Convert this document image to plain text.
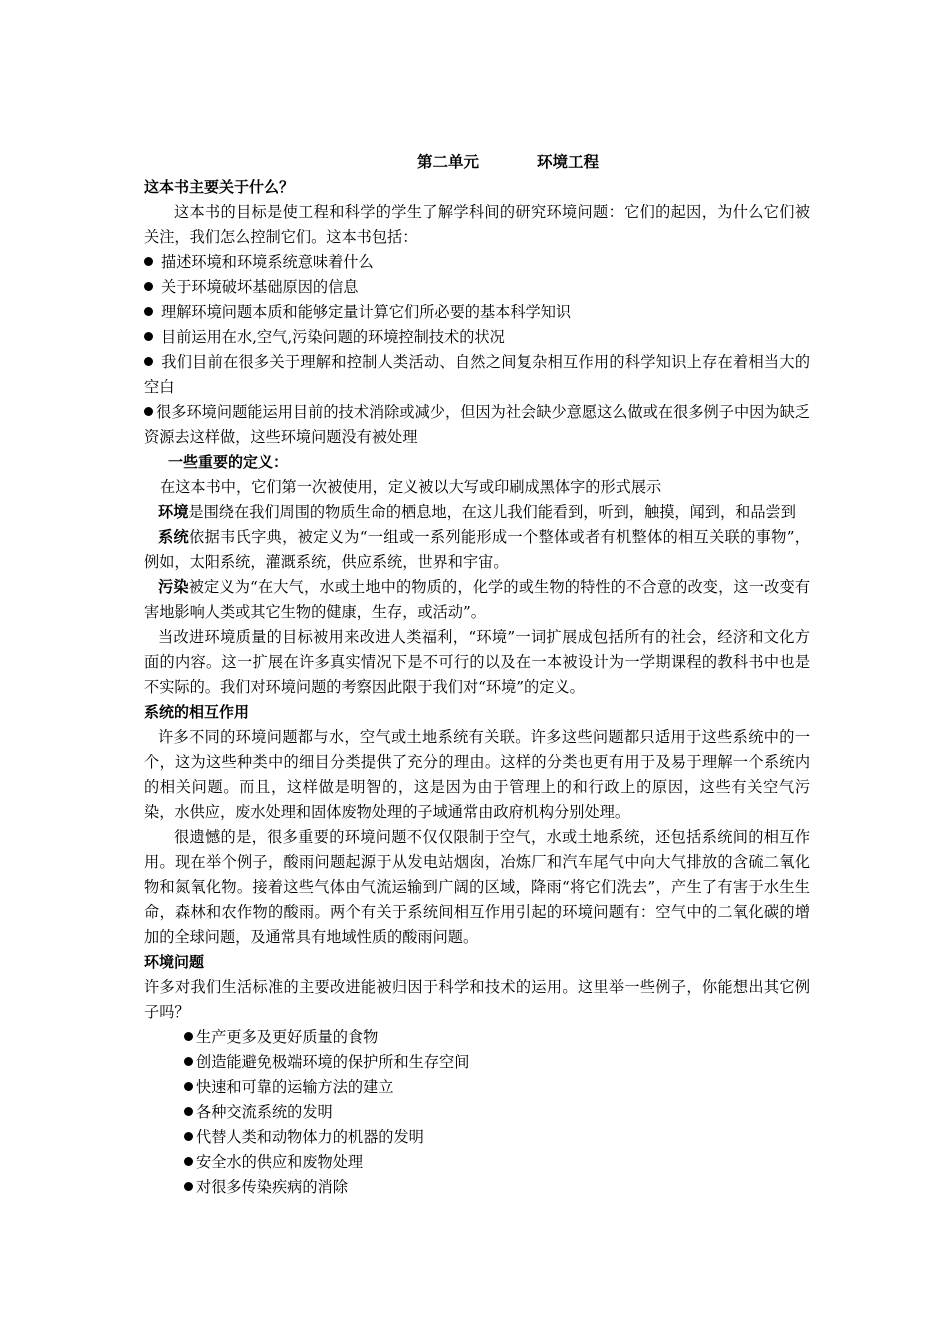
第二单元	环境工程
这本书主要关于什么？
这本书的目标是使工程和科学的学生了解学科间的研究环境问题：它们的起因，为什么它们被关注，我们怎么控制它们。这本书包括：
描述环境和环境系统意味着什么
关于环境破坏基础原因的信息
理解环境问题本质和能够定量计算它们所必要的基本科学知识
目前运用在水,空气,污染问题的环境控制技术的状况
我们目前在很多关于理解和控制人类活动、自然之间复杂相互作用的科学知识上存在着相当大的空白
很多环境问题能运用目前的技术消除或减少，但因为社会缺少意愿这么做或在很多例子中因为缺乏资源去这样做，这些环境问题没有被处理
一些重要的定义：
在这本书中，它们第一次被使用，定义被以大写或印刷成黑体字的形式展示
环境是围绕在我们周围的物质生命的栖息地，在这儿我们能看到，听到，触摸，闻到，和品尝到
系统依据韦氏字典，被定义为“一组或一系列能形成一个整体或者有机整体的相互关联的事物”，例如，太阳系统，灌溉系统，供应系统，世界和宇宙。
污染被定义为“在大气，水或土地中的物质的，化学的或生物的特性的不合意的改变，这一改变有害地影响人类或其它生物的健康，生存，或活动”。
当改进环境质量的目标被用来改进人类福利，“环境”一词扩展成包括所有的社会，经济和文化方面的内容。这一扩展在许多真实情况下是不可行的以及在一本被设计为一学期课程的教科书中也是不实际的。我们对环境问题的考察因此限于我们对“环境”的定义。
系统的相互作用
许多不同的环境问题都与水，空气或土地系统有关联。许多这些问题都只适用于这些系统中的一个，这为这些种类中的细目分类提供了充分的理由。这样的分类也更有用于及易于理解一个系统内的相关问题。而且，这样做是明智的，这是因为由于管理上的和行政上的原因，这些有关空气污染，水供应，废水处理和固体废物处理的子域通常由政府机构分别处理。
很遗憾的是，很多重要的环境问题不仅仅限制于空气，水或土地系统，还包括系统间的相互作用。现在举个例子，酸雨问题起源于从发电站烟囱，冶炼厂和汽车尾气中向大气排放的含硫二氧化物和氮氧化物。接着这些气体由气流运输到广阔的区域，降雨“将它们洗去”，产生了有害于水生生命，森林和农作物的酸雨。两个有关于系统间相互作用引起的环境问题有：空气中的二氧化碳的增加的全球问题，及通常具有地域性质的酸雨问题。
环境问题
许多对我们生活标准的主要改进能被归因于科学和技术的运用。这里举一些例子，你能想出其它例子吗？
生产更多及更好质量的食物
创造能避免极端环境的保护所和生存空间
快速和可靠的运输方法的建立
各种交流系统的发明
代替人类和动物体力的机器的发明
安全水的供应和废物处理
对很多传染疾病的消除
